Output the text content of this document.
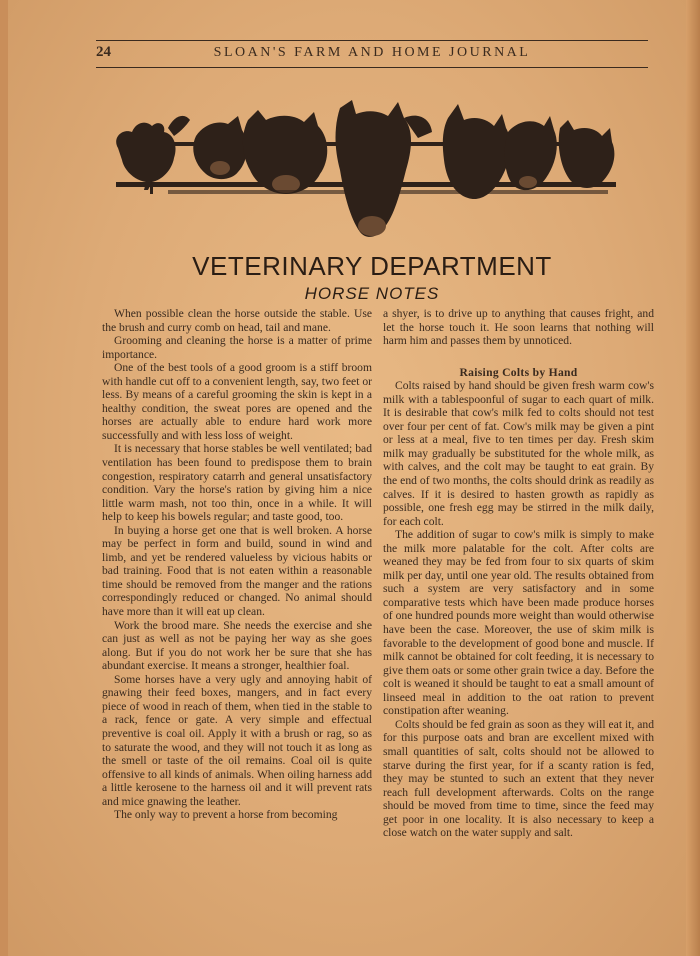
24	SLOAN'S FARM AND HOME JOURNAL
VETERINARY DEPARTMENT
HORSE NOTES

When possible clean the horse outside the stable. Use the brush and curry comb on head, tail and mane.

Grooming and cleaning the horse is a matter of prime importance.

One of the best tools of a good groom is a stiff broom with handle cut off to a convenient length, say, two feet or less. By means of a careful grooming the skin is kept in a healthy condition, the sweat pores are opened and the horses are actually able to endure hard work more successfully and with less loss of weight.

It is necessary that horse stables be well ventilated; bad ventilation has been found to predispose them to brain congestion, respiratory catarrh and general unsatisfactory condition. Vary the horse's ration by giving him a nice little warm mash, not too thin, once in a while. It will help to keep his bowels regular; and taste good, too.

In buying a horse get one that is well broken. A horse may be perfect in form and build, sound in wind and limb, and yet be rendered valueless by vicious habits or bad training. Food that is not eaten within a reasonable time should be removed from the manger and the rations correspondingly reduced or changed. No animal should have more than it will eat up clean.

Work the brood mare. She needs the exercise and she can just as well as not be paying her way as she goes along. But if you do not work her be sure that she has abundant exercise. It means a stronger, healthier foal.

Some horses have a very ugly and annoying habit of gnawing their feed boxes, mangers, and in fact every piece of wood in reach of them, when tied in the stable to a rack, fence or gate. A very simple and effectual preventive is coal oil. Apply it with a brush or rag, so as to saturate the wood, and they will not touch it as long as the smell or taste of the oil remains. Coal oil is quite offensive to all kinds of animals. When oiling harness add a little kerosene to the harness oil and it will prevent rats and mice gnawing the leather.

The only way to prevent a horse from becoming

a shyer, is to drive up to anything that causes fright, and let the horse touch it. He soon learns that nothing will harm him and passes them by unnoticed.

Raising Colts by Hand

Colts raised by hand should be given fresh warm cow's milk with a tablespoonful of sugar to each quart of milk. It is desirable that cow's milk fed to colts should not test over four per cent of fat. Cow's milk may be given a pint or less at a meal, five to ten times per day. Fresh skim milk may gradually be substituted for the whole milk, as with calves, and the colt may be taught to eat grain. By the end of two months, the colts should drink as readily as calves. If it is desired to hasten growth as rapidly as possible, one fresh egg may be stirred in the milk daily, for each colt.

The addition of sugar to cow's milk is simply to make the milk more palatable for the colt. After colts are weaned they may be fed from four to six quarts of skim milk per day, until one year old. The results obtained from such a system are very satisfactory and in some comparative tests which have been made produce horses of one hundred pounds more weight than would otherwise have been the case. Moreover, the use of skim milk is favorable to the development of good bone and muscle. If milk cannot be obtained for colt feeding, it is necessary to give them oats or some other grain twice a day. Before the colt is weaned it should be taught to eat a small amount of linseed meal in addition to the oat ration to prevent constipation after weaning.

Colts should be fed grain as soon as they will eat it, and for this purpose oats and bran are excellent mixed with small quantities of salt, colts should not be allowed to starve during the first year, for if a scanty ration is fed, they may be stunted to such an extent that they never reach full development afterwards. Colts on the range should be moved from time to time, since the feed may get poor in one locality. It is also necessary to keep a close watch on the water supply and salt.
